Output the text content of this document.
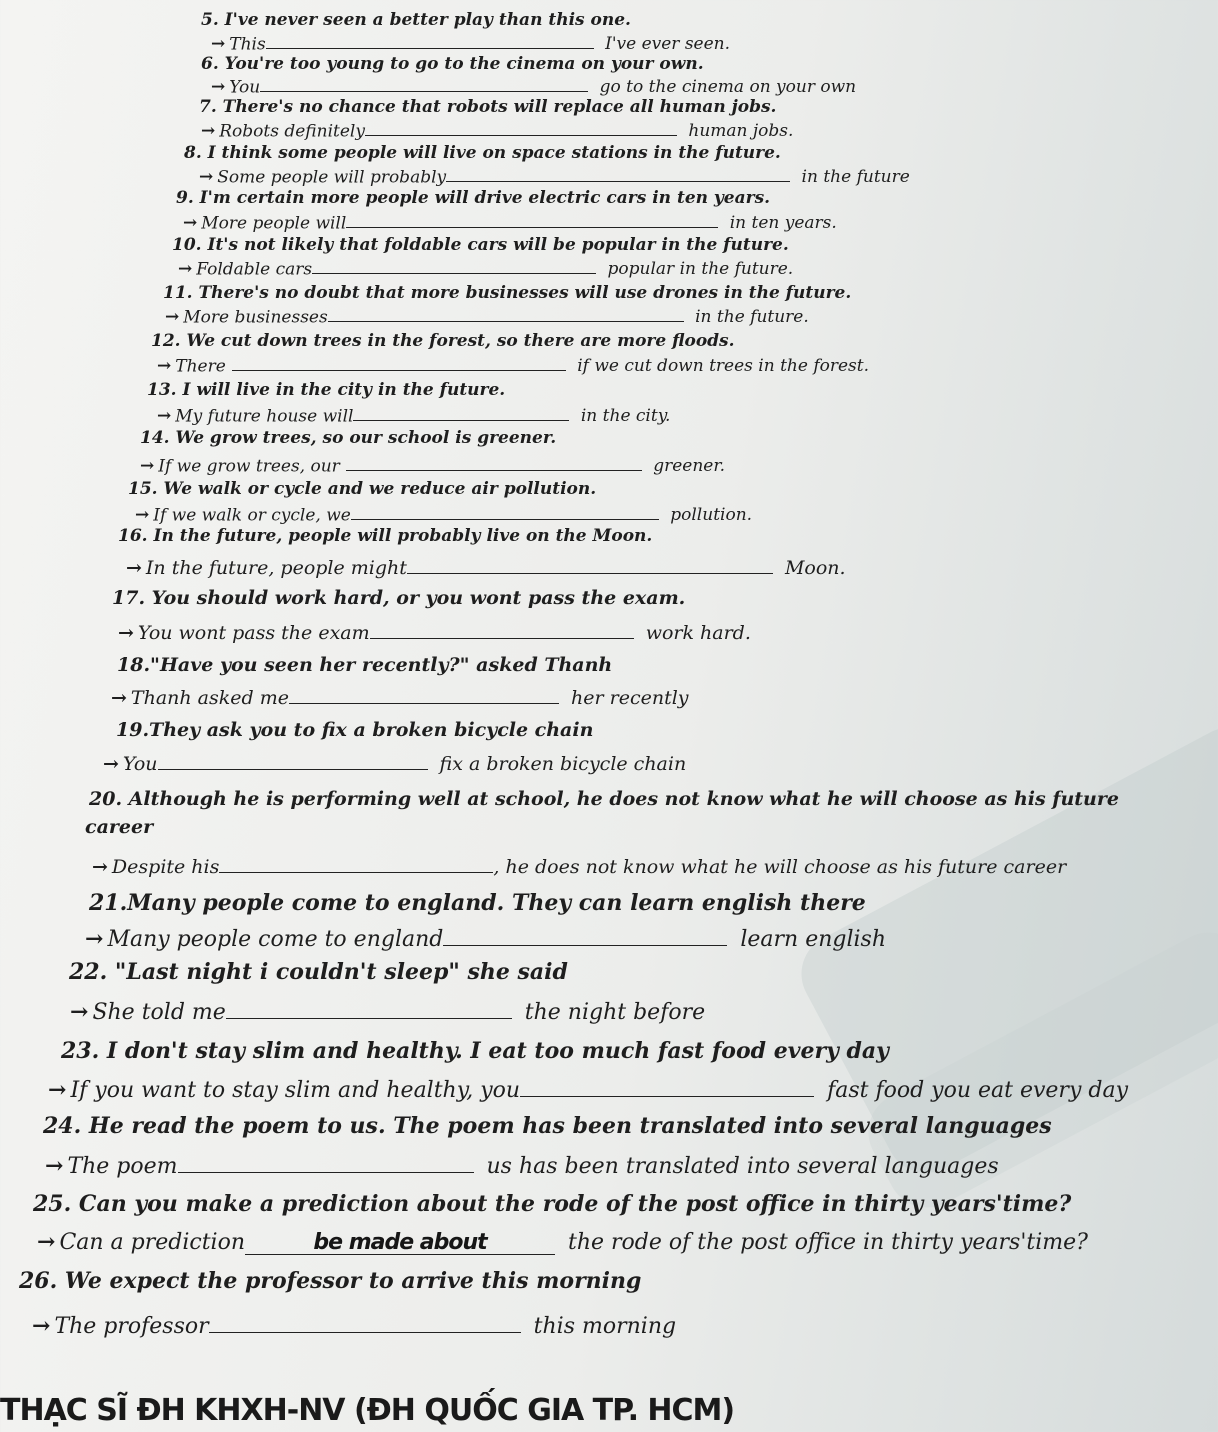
5. I've never seen a better play than this one.
→ This	I've ever seen.
6. You're too young to go to the cinema on your own.
→ You	go to the cinema on your own
7. There's no chance that robots will replace all human jobs.
→ Robots definitely	human jobs.
8. I think some people will live on space stations in the future.
→ Some people will probably	in the future
9. I'm certain more people will drive electric cars in ten years.
→ More people will	in ten years.
10. It's not likely that foldable cars will be popular in the future.
→ Foldable cars	popular in the future.
11. There's no doubt that more businesses will use drones in the future.
→ More businesses	in the future.
12. We cut down trees in the forest, so there are more floods.
→ There	if we cut down trees in the forest.
13. I will live in the city in the future.
→ My future house will	in the city.
14. We grow trees, so our school is greener.
→ If we grow trees, our	greener.
15. We walk or cycle and we reduce air pollution.
→ If we walk or cycle, we	pollution.
16. In the future, people will probably live on the Moon.
→ In the future, people might	Moon.
17. You should work hard, or you wont pass the exam.
→ You wont pass the exam	work hard.
18."Have you seen her recently?" asked Thanh
→ Thanh asked me	her recently
19.They ask you to fix a broken bicycle chain
→ You	fix a broken bicycle chain
20. Although he is performing well at school, he does not know what he will choose as his future
career
→ Despite his	, he does not know what he will choose as his future career
21.Many people come to england. They can learn english there
→ Many people come to england	learn english
22. "Last night i couldn't sleep" she said
→ She told me	the night before
23. I don't stay slim and healthy. I eat too much fast food every day
→ If you want to stay slim and healthy, you	fast food you eat every day
24. He read the poem to us. The poem has been translated into several languages
→ The poem	us has been translated into several languages
25. Can you make a prediction about the rode of the post office in thirty years'time?
→ Can a prediction	be made about	the rode of the post office in thirty years'time?
26. We expect the professor to arrive this morning
→ The professor	this morning
THẠC SĨ ĐH KHXH-NV (ĐH QUỐC GIA TP. HCM)
